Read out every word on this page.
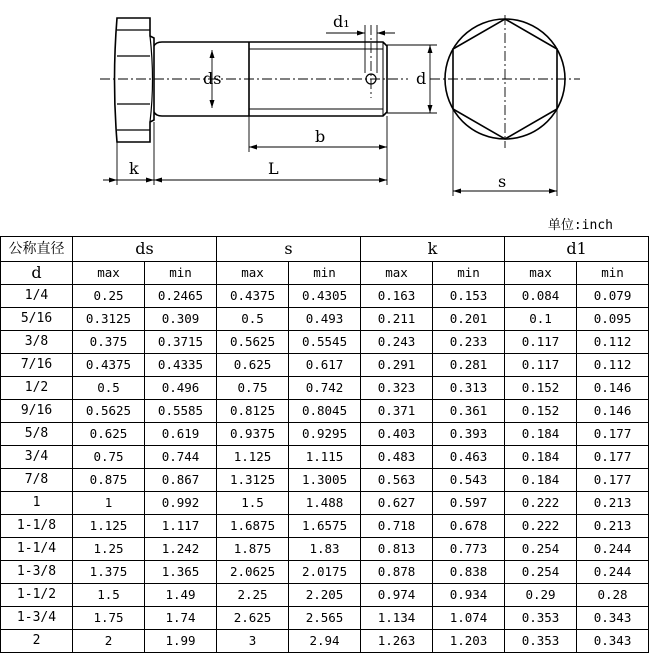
d₁
ds	d
b
k	L
s
单位:inch
公称直径	ds		s		k		d1	
d	max	min	max	min	max	min	max	min
1/4	0.25	0.2465	0.4375	0.4305	0.163	0.153	0.084	0.079
5/16	0.3125	0.309	0.5	0.493	0.211	0.201	0.1	0.095
3/8	0.375	0.3715	0.5625	0.5545	0.243	0.233	0.117	0.112
7/16	0.4375	0.4335	0.625	0.617	0.291	0.281	0.117	0.112
1/2	0.5	0.496	0.75	0.742	0.323	0.313	0.152	0.146
9/16	0.5625	0.5585	0.8125	0.8045	0.371	0.361	0.152	0.146
5/8	0.625	0.619	0.9375	0.9295	0.403	0.393	0.184	0.177
3/4	0.75	0.744	1.125	1.115	0.483	0.463	0.184	0.177
7/8	0.875	0.867	1.3125	1.3005	0.563	0.543	0.184	0.177
1	1	0.992	1.5	1.488	0.627	0.597	0.222	0.213
1-1/8	1.125	1.117	1.6875	1.6575	0.718	0.678	0.222	0.213
1-1/4	1.25	1.242	1.875	1.83	0.813	0.773	0.254	0.244
1-3/8	1.375	1.365	2.0625	2.0175	0.878	0.838	0.254	0.244
1-1/2	1.5	1.49	2.25	2.205	0.974	0.934	0.29	0.28
1-3/4	1.75	1.74	2.625	2.565	1.134	1.074	0.353	0.343
2	2	1.99	3	2.94	1.263	1.203	0.353	0.343
